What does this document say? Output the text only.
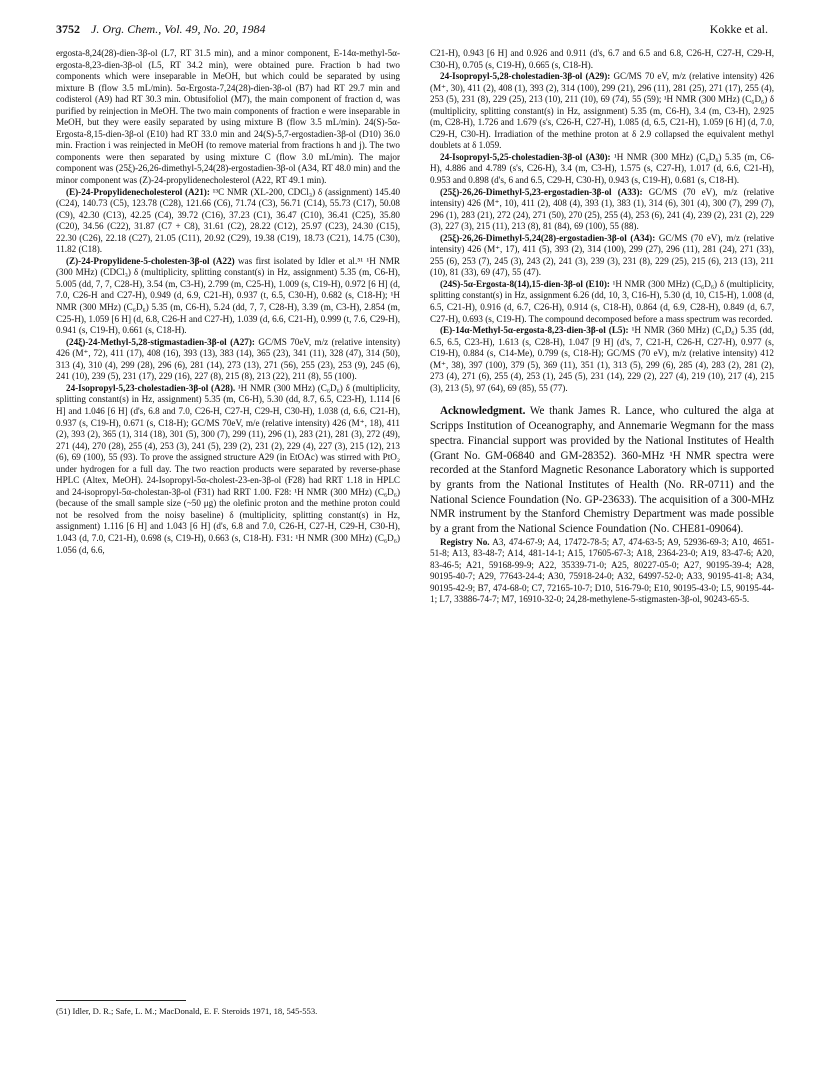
3752 J. Org. Chem., Vol. 49, No. 20, 1984	Kokke et al.

ergosta-8,24(28)-dien-3β-ol (L7, RT 31.5 min), and a minor component, E-14α-methyl-5α-ergosta-8,23-dien-3β-ol (L5, RT 34.2 min), were obtained pure. Fraction b had two components which were inseparable in MeOH, but which could be separated by using mixture B (flow 3.5 mL/min). 5α-Ergosta-7,24(28)-dien-3β-ol (B7) had RT 29.7 min and codisterol (A9) had RT 30.3 min. Obtusifoliol (M7), the main component of fraction d, was purified by reinjection in MeOH. The two main components of fraction e were inseparable in MeOH, but they were easily separated by using mixture B (flow 3.5 mL/min). 24(S)-5α-Ergosta-8,15-dien-3β-ol (E10) had RT 33.0 min and 24(S)-5,7-ergostadien-3β-ol (D10) 36.0 min. Fraction i was reinjected in MeOH (to remove material from fractions h and j). The two components were then separated by using mixture C (flow 3.0 mL/min). The major component was (25ξ)-26,26-dimethyl-5,24(28)-ergostadien-3β-ol (A34, RT 48.0 min) and the minor component was (Z)-24-propylidenecholesterol (A22, RT 49.1 min).

(E)-24-Propylidenecholesterol (A21): ¹³C NMR (XL-200, CDCl₃) δ (assignment) 145.40 (C24), 140.73 (C5), 123.78 (C28), 121.66 (C6), 71.74 (C3), 56.71 (C14), 55.73 (C17), 50.08 (C9), 42.30 (C13), 42.25 (C4), 39.72 (C16), 37.23 (C1), 36.47 (C10), 36.41 (C25), 35.80 (C20), 34.56 (C22), 31.87 (C7 + C8), 31.61 (C2), 28.22 (C12), 25.97 (C23), 24.30 (C15), 22.30 (C26), 22.18 (C27), 21.05 (C11), 20.92 (C29), 19.38 (C19), 18.73 (C21), 14.75 (C30), 11.82 (C18).

(Z)-24-Propylidene-5-cholesten-3β-ol (A22) was first isolated by Idler et al.⁵¹ ¹H NMR (300 MHz) (CDCl₃) δ (multiplicity, splitting constant(s) in Hz, assignment) 5.35 (m, C6-H), 5.005 (dd, 7, 7, C28-H), 3.54 (m, C3-H), 2.799 (m, C25-H), 1.009 (s, C19-H), 0.972 [6 H] (d, 7.0, C26-H and C27-H), 0.949 (d, 6.9, C21-H), 0.937 (t, 6.5, C30-H), 0.682 (s, C18-H); ¹H NMR (300 MHz) (C₆D₆) 5.35 (m, C6-H), 5.24 (dd, 7, 7, C28-H), 3.39 (m, C3-H), 2.854 (m, C25-H), 1.059 [6 H] (d, 6.8, C26-H and C27-H), 1.039 (d, 6.6, C21-H), 0.999 (t, 7.6, C29-H), 0.941 (s, C19-H), 0.661 (s, C18-H).

(24ξ)-24-Methyl-5,28-stigmastadien-3β-ol (A27): GC/MS 70eV, m/z (relative intensity) 426 (M⁺, 72), 411 (17), 408 (16), 393 (13), 383 (14), 365 (23), 341 (11), 328 (47), 314 (50), 313 (4), 310 (4), 299 (28), 296 (6), 281 (14), 273 (13), 271 (56), 255 (23), 253 (9), 245 (6), 241 (10), 239 (5), 231 (17), 229 (16), 227 (8), 215 (8), 213 (22), 211 (8), 55 (100).

24-Isopropyl-5,23-cholestadien-3β-ol (A28). ¹H NMR (300 MHz) (C₆D₆) δ (multiplicity, splitting constant(s) in Hz, assignment) 5.35 (m, C6-H), 5.30 (dd, 8.7, 6.5, C23-H), 1.114 [6 H] and 1.046 [6 H] (d's, 6.8 and 7.0, C26-H, C27-H, C29-H, C30-H), 1.038 (d, 6.6, C21-H), 0.937 (s, C19-H), 0.671 (s, C18-H); GC/MS 70eV, m/e (relative intensity) 426 (M⁺, 18), 411 (2), 393 (2), 365 (1), 314 (18), 301 (5), 300 (7), 299 (11), 296 (1), 283 (21), 281 (3), 272 (49), 271 (44), 270 (28), 255 (4), 253 (3), 241 (5), 239 (2), 231 (2), 229 (4), 227 (3), 215 (12), 213 (6), 69 (100), 55 (93). To prove the assigned structure A29 (in EtOAc) was stirred with PtO₂ under hydrogen for a full day. The two reaction products were separated by reverse-phase HPLC (Altex, MeOH). 24-Isopropyl-5α-cholest-23-en-3β-ol (F28) had RRT 1.18 in HPLC and 24-isopropyl-5α-cholestan-3β-ol (F31) had RRT 1.00. F28: ¹H NMR (300 MHz) (C₆D₆) (because of the small sample size (~50 μg) the olefinic proton and the methine proton could not be resolved from the noisy baseline) δ (multiplicity, splitting constant(s) in Hz, assignment) 1.116 [6 H] and 1.043 [6 H] (d's, 6.8 and 7.0, C26-H, C27-H, C29-H, C30-H), 1.043 (d, 7.0, C21-H), 0.698 (s, C19-H), 0.663 (s, C18-H). F31: ¹H NMR (300 MHz) (C₆D₆) 1.056 (d, 6.6,

(51) Idler, D. R.; Safe, L. M.; MacDonald, E. F. Steroids 1971, 18, 545-553.

C21-H), 0.943 [6 H] and 0.926 and 0.911 (d's, 6.7 and 6.5 and 6.8, C26-H, C27-H, C29-H, C30-H), 0.705 (s, C19-H), 0.665 (s, C18-H).

24-Isopropyl-5,28-cholestadien-3β-ol (A29): GC/MS 70 eV, m/z (relative intensity) 426 (M⁺, 30), 411 (2), 408 (1), 393 (2), 314 (100), 299 (21), 296 (11), 281 (25), 271 (17), 255 (4), 253 (5), 231 (8), 229 (25), 213 (10), 211 (10), 69 (74), 55 (59); ¹H NMR (300 MHz) (C₆D₆) δ (multiplicity, splitting constant(s) in Hz, assignment) 5.35 (m, C6-H), 3.4 (m, C3-H), 2.925 (m, C28-H), 1.726 and 1.679 (s's, C26-H, C27-H), 1.085 (d, 6.5, C21-H), 1.059 [6 H] (d, 7.0, C29-H, C30-H). Irradiation of the methine proton at δ 2.9 collapsed the equivalent methyl doublets at δ 1.059.

24-Isopropyl-5,25-cholestadien-3β-ol (A30): ¹H NMR (300 MHz) (C₆D₆) 5.35 (m, C6-H), 4.886 and 4.789 (s's, C26-H), 3.4 (m, C3-H), 1.575 (s, C27-H), 1.017 (d, 6.6, C21-H), 0.953 and 0.898 (d's, 6 and 6.5, C29-H, C30-H), 0.943 (s, C19-H), 0.681 (s, C18-H).

(25ξ)-26,26-Dimethyl-5,23-ergostadien-3β-ol (A33): GC/MS (70 eV), m/z (relative intensity) 426 (M⁺, 10), 411 (2), 408 (4), 393 (1), 383 (1), 314 (6), 301 (4), 300 (7), 299 (7), 296 (1), 283 (21), 272 (24), 271 (50), 270 (25), 255 (4), 253 (6), 241 (4), 239 (2), 231 (2), 229 (3), 227 (3), 215 (11), 213 (8), 81 (84), 69 (100), 55 (88).

(25ξ)-26,26-Dimethyl-5,24(28)-ergostadien-3β-ol (A34): GC/MS (70 eV), m/z (relative intensity) 426 (M⁺, 17), 411 (5), 393 (2), 314 (100), 299 (27), 296 (11), 281 (24), 271 (33), 255 (6), 253 (7), 245 (3), 243 (2), 241 (3), 239 (3), 231 (8), 229 (25), 215 (6), 213 (13), 211 (10), 81 (33), 69 (47), 55 (47).

(24S)-5α-Ergosta-8(14),15-dien-3β-ol (E10): ¹H NMR (300 MHz) (C₆D₆) δ (multiplicity, splitting constant(s) in Hz, assignment 6.26 (dd, 10, 3, C16-H), 5.30 (d, 10, C15-H), 1.008 (d, 6.5, C21-H), 0.916 (d, 6.7, C26-H), 0.914 (s, C18-H), 0.864 (d, 6.9, C28-H), 0.849 (d, 6.7, C27-H), 0.693 (s, C19-H). The compound decomposed before a mass spectrum was recorded.

(E)-14α-Methyl-5α-ergosta-8,23-dien-3β-ol (L5): ¹H NMR (360 MHz) (C₆D₆) 5.35 (dd, 6.5, 6.5, C23-H), 1.613 (s, C28-H), 1.047 [9 H] (d's, 7, C21-H, C26-H, C27-H), 0.977 (s, C19-H), 0.884 (s, C14-Me), 0.799 (s, C18-H); GC/MS (70 eV), m/z (relative intensity) 412 (M⁺, 38), 397 (100), 379 (5), 369 (11), 351 (1), 313 (5), 299 (6), 285 (4), 283 (2), 281 (2), 273 (4), 271 (6), 255 (4), 253 (1), 245 (5), 231 (14), 229 (2), 227 (4), 219 (10), 217 (4), 215 (3), 213 (5), 97 (64), 69 (85), 55 (77).

Acknowledgment. We thank James R. Lance, who cultured the alga at Scripps Institution of Oceanography, and Annemarie Wegmann for the mass spectra. Financial support was provided by the National Institutes of Health (Grant No. GM-06840 and GM-28352). 360-MHz ¹H NMR spectra were recorded at the Stanford Magnetic Resonance Laboratory which is supported by grants from the National Institutes of Health (No. RR-0711) and the National Science Foundation (No. GP-23633). The acquisition of a 300-MHz NMR instrument by the Stanford Chemistry Department was made possible by a grant from the National Science Foundation (No. CHE81-09064).

Registry No. A3, 474-67-9; A4, 17472-78-5; A7, 474-63-5; A9, 52936-69-3; A10, 4651-51-8; A13, 83-48-7; A14, 481-14-1; A15, 17605-67-3; A18, 2364-23-0; A19, 83-47-6; A20, 83-46-5; A21, 59168-99-9; A22, 35339-71-0; A25, 80227-05-0; A27, 90195-39-4; A28, 90195-40-7; A29, 77643-24-4; A30, 75918-24-0; A32, 64997-52-0; A33, 90195-41-8; A34, 90195-42-9; B7, 474-68-0; C7, 72165-10-7; D10, 516-79-0; E10, 90195-43-0; L5, 90195-44-1; L7, 33886-74-7; M7, 16910-32-0; 24,28-methylene-5-stigmasten-3β-ol, 90243-65-5.
